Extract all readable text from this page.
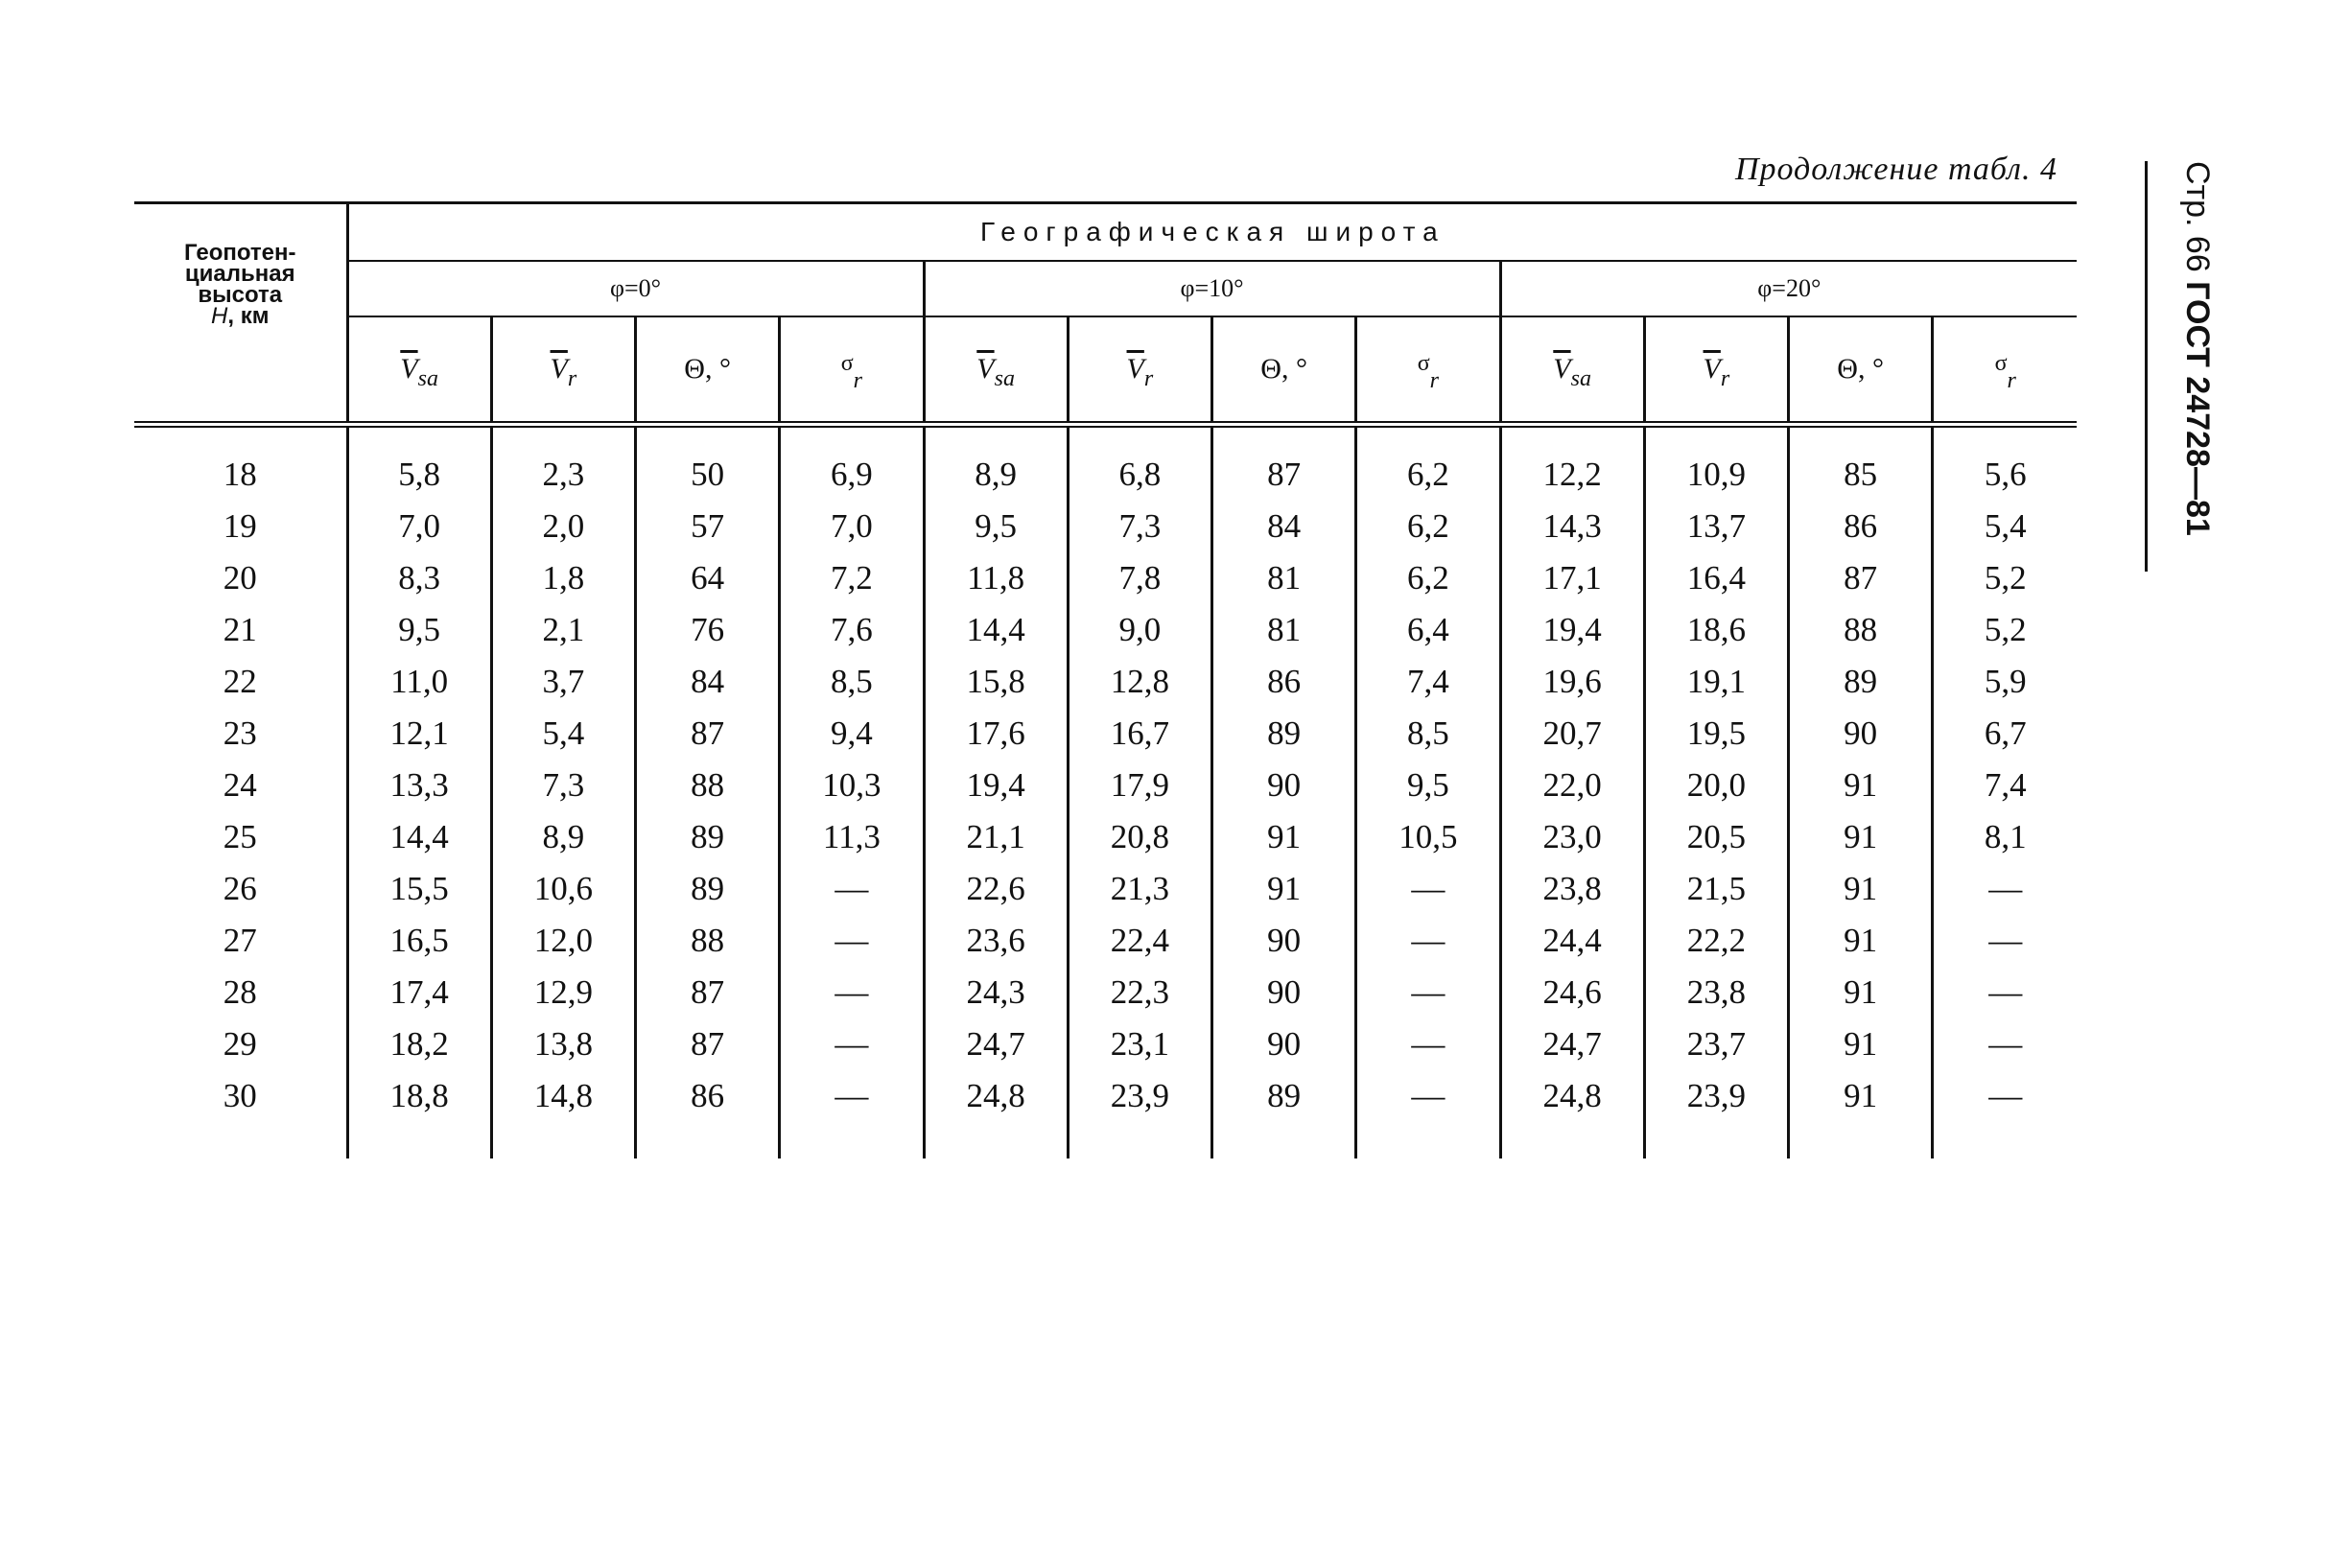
Продолжение табл. 4	Стр. 66 ГОСТ 24728—81
Геопотен-
циальная
высота
H, км	Географическая широта											
	φ=0°				φ=10°				φ=20°			
	$\overline{V}_{sa}$	$\overline{V}_r$	Θ, °	$^\sigma_r$	$\overline{V}_{sa}$	$\overline{V}_r$	Θ, °	$^\sigma_r$	$\overline{V}_{sa}$	$\overline{V}_r$	Θ, °	$^\sigma_r$
18	5,8	2,3	50	6,9	8,9	6,8	87	6,2	12,2	10,9	85	5,6
19	7,0	2,0	57	7,0	9,5	7,3	84	6,2	14,3	13,7	86	5,4
20	8,3	1,8	64	7,2	11,8	7,8	81	6,2	17,1	16,4	87	5,2
21	9,5	2,1	76	7,6	14,4	9,0	81	6,4	19,4	18,6	88	5,2
22	11,0	3,7	84	8,5	15,8	12,8	86	7,4	19,6	19,1	89	5,9
23	12,1	5,4	87	9,4	17,6	16,7	89	8,5	20,7	19,5	90	6,7
24	13,3	7,3	88	10,3	19,4	17,9	90	9,5	22,0	20,0	91	7,4
25	14,4	8,9	89	11,3	21,1	20,8	91	10,5	23,0	20,5	91	8,1
26	15,5	10,6	89	—	22,6	21,3	91	—	23,8	21,5	91	—
27	16,5	12,0	88	—	23,6	22,4	90	—	24,4	22,2	91	—
28	17,4	12,9	87	—	24,3	22,3	90	—	24,6	23,8	91	—
29	18,2	13,8	87	—	24,7	23,1	90	—	24,7	23,7	91	—
30	18,8	14,8	86	—	24,8	23,9	89	—	24,8	23,9	91	—
